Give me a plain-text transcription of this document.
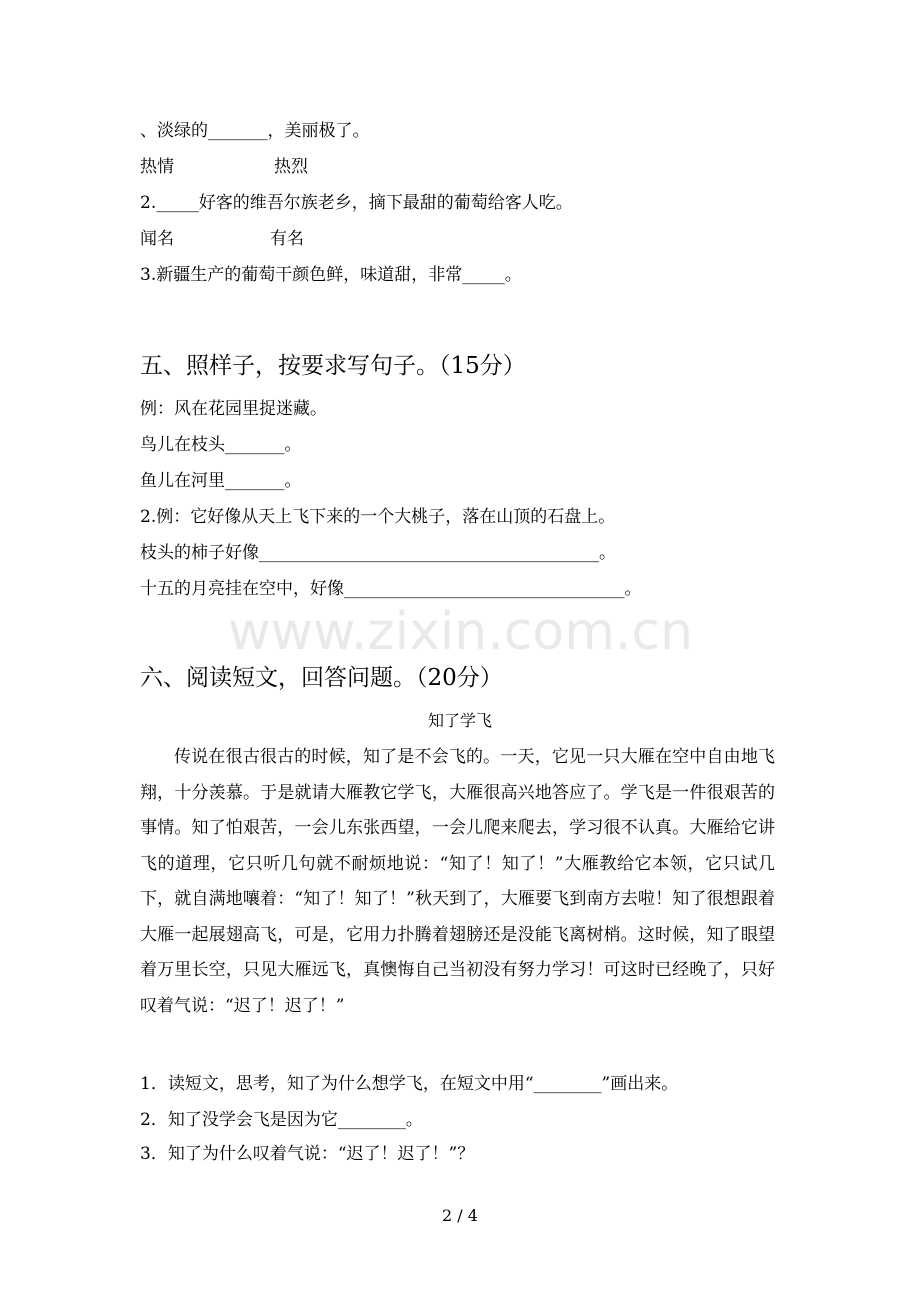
、淡绿的_______，美丽极了。
热情	热烈
2._____好客的维吾尔族老乡，摘下最甜的葡萄给客人吃。
闻名	有名
3.新疆生产的葡萄干颜色鲜，味道甜，非常_____。
五、照样子，按要求写句子。（15分）
例：风在花园里捉迷藏。
鸟儿在枝头_______。
鱼儿在河里_______。
2.例：它好像从天上飞下来的一个大桃子，落在山顶的石盘上。
枝头的柿子好像________________________________________。
十五的月亮挂在空中，好像_________________________________。
www.zixin.com.cn
六、阅读短文，回答问题。（20分）
知了学飞
传说在很古很古的时候，知了是不会飞的。一天，它见一只大雁在空中自由地飞翔，十分羡慕。于是就请大雁教它学飞，大雁很高兴地答应了。学飞是一件很艰苦的事情。知了怕艰苦，一会儿东张西望，一会儿爬来爬去，学习很不认真。大雁给它讲飞的道理，它只听几句就不耐烦地说：“知了！知了！”大雁教给它本领，它只试几下，就自满地嚷着：“知了！知了！”秋天到了，大雁要飞到南方去啦！知了很想跟着大雁一起展翅高飞，可是，它用力扑腾着翅膀还是没能飞离树梢。这时候，知了眼望着万里长空，只见大雁远飞，真懊悔自己当初没有努力学习！可这时已经晚了，只好叹着气说：“迟了！迟了！”
1．读短文，思考，知了为什么想学飞，在短文中用“________”画出来。
2．知了没学会飞是因为它________。
3．知了为什么叹着气说：“迟了！迟了！”？
2 / 4
